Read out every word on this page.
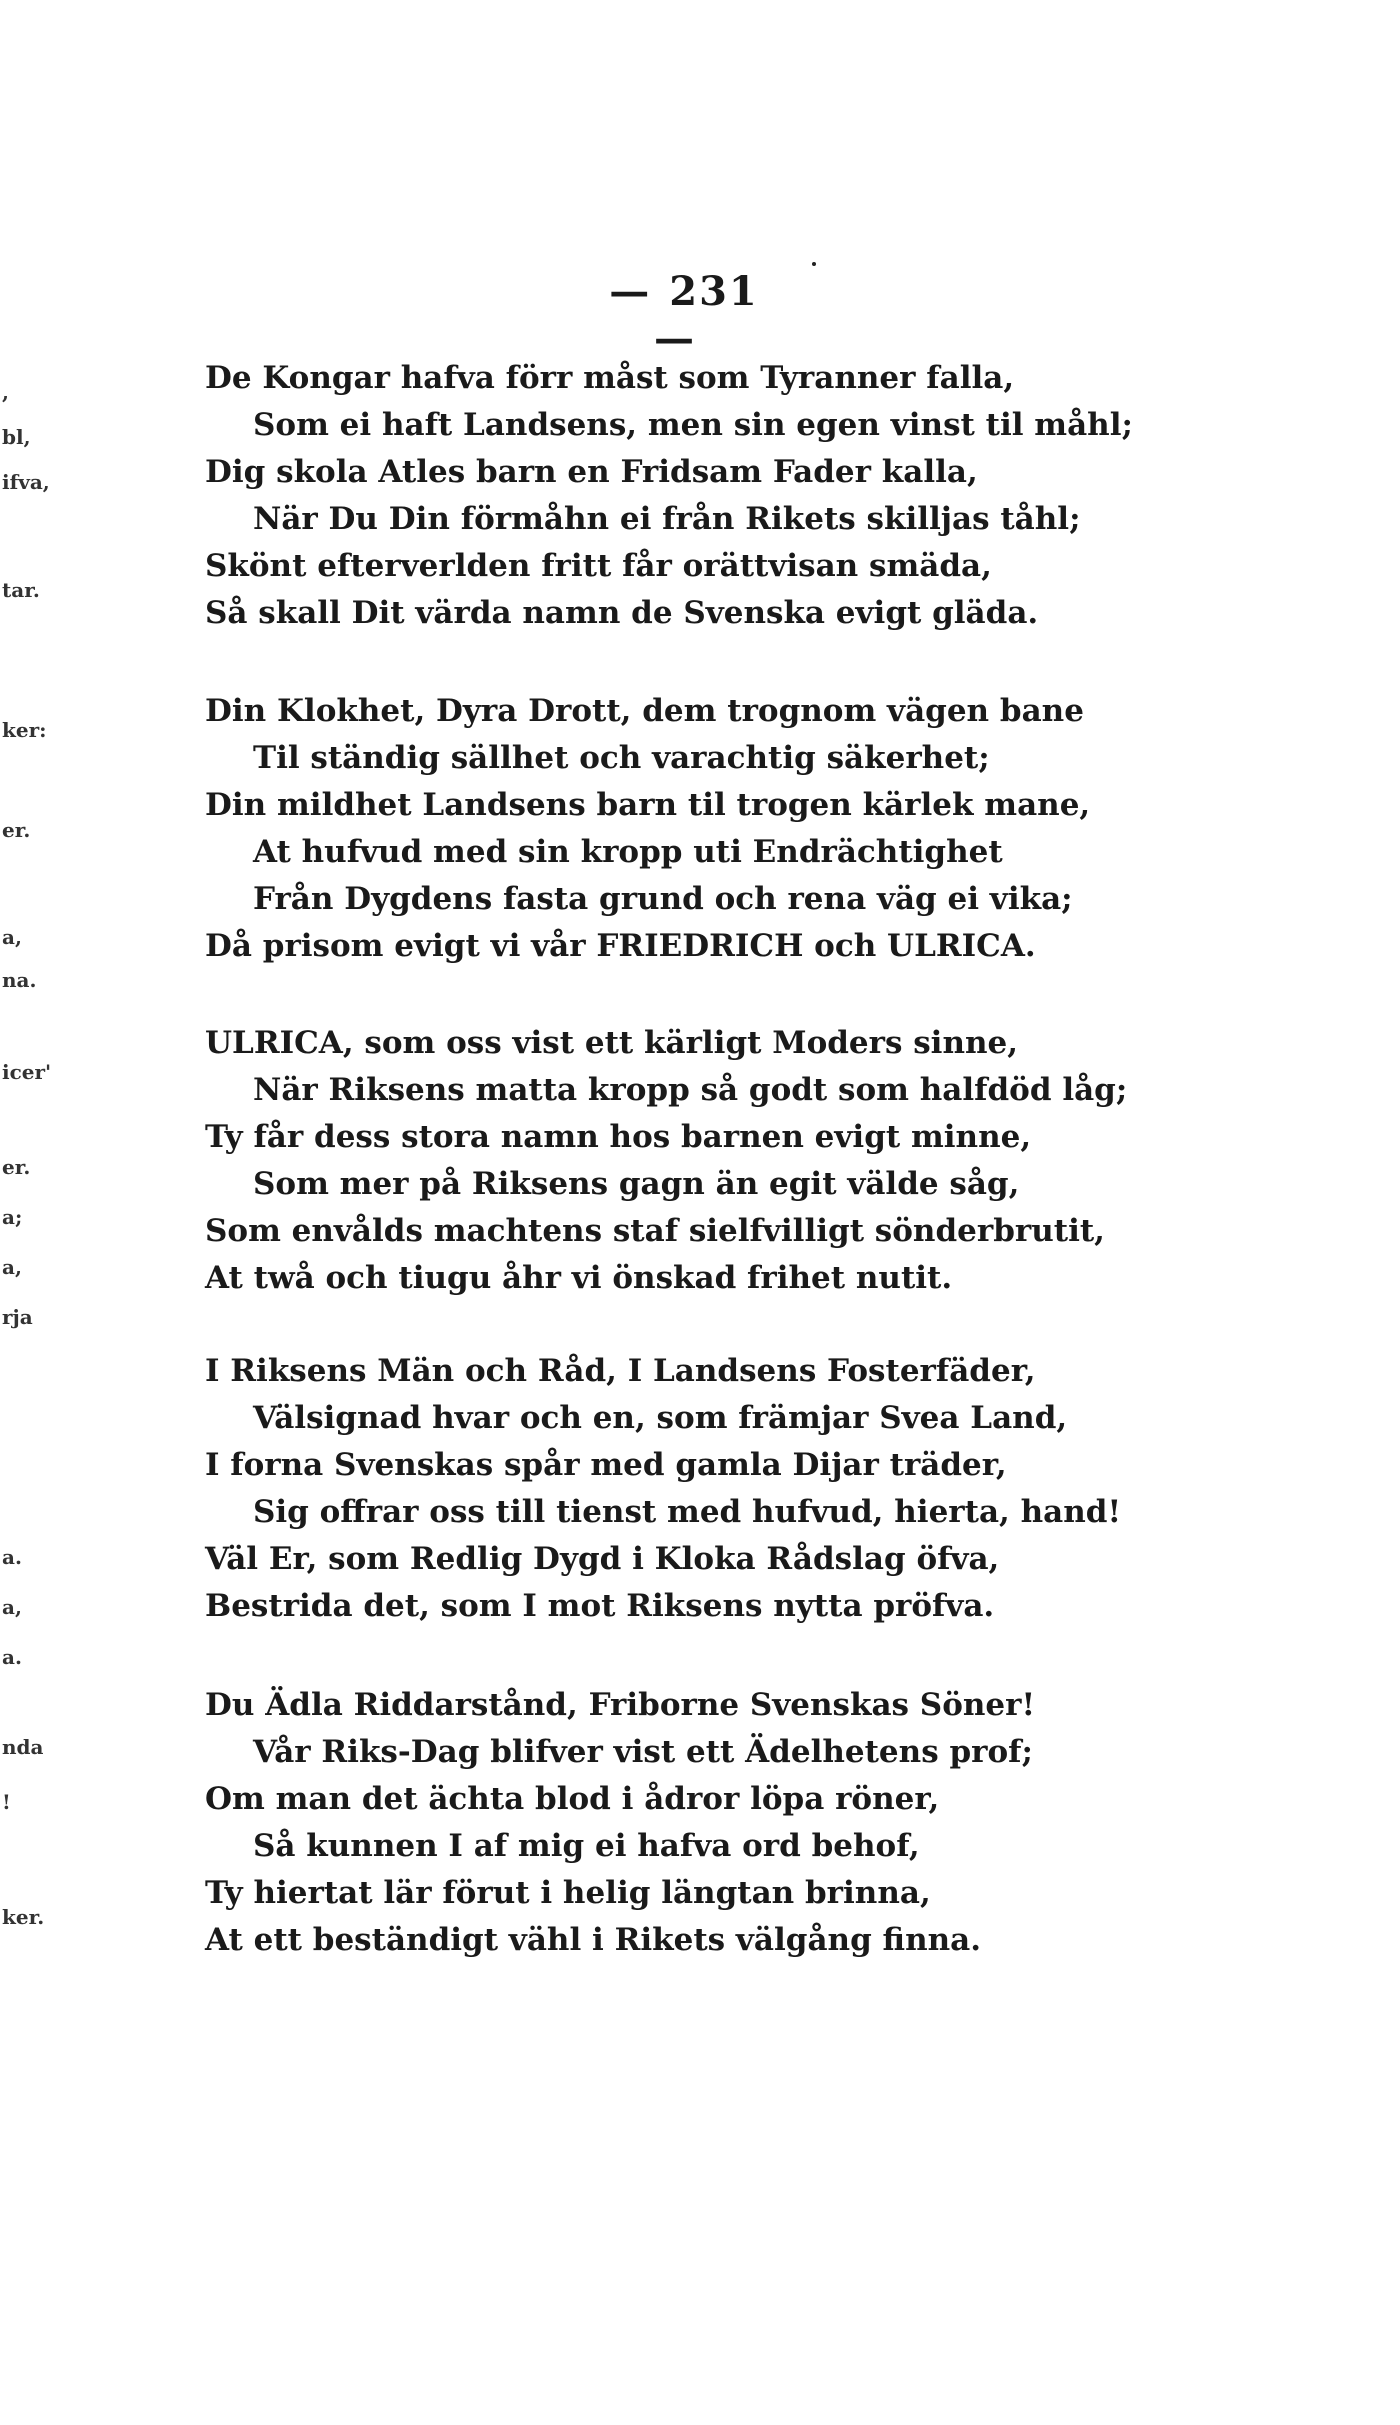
,
bl,
ifva,
tar.
ker:
er.
a,
na.
icer'
er.
a;
a,
rja
a.
a,
a.
nda
!
ker.
— 231—
De Kongar hafva förr måst som Tyranner falla,
Som ei haft Landsens, men sin egen vinst til måhl;
Dig skola Atles barn en Fridsam Fader kalla,
När Du Din förmåhn ei från Rikets skilljas tåhl;
Skönt efterverlden fritt får orättvisan smäda,
Så skall Dit värda namn de Svenska evigt gläda.
Din Klokhet, Dyra Drott, dem trognom vägen bane
Til ständig sällhet och varachtig säkerhet;
Din mildhet Landsens barn til trogen kärlek mane,
At hufvud med sin kropp uti Endrächtighet
Från Dygdens fasta grund och rena väg ei vika;
Då prisom evigt vi vår FRIEDRICH och ULRICA.
ULRICA, som oss vist ett kärligt Moders sinne,
När Riksens matta kropp så godt som halfdöd låg;
Ty får dess stora namn hos barnen evigt minne,
Som mer på Riksens gagn än egit välde såg,
Som envålds machtens staf sielfvilligt sönderbrutit,
At twå och tiugu åhr vi önskad frihet nutit.
I Riksens Män och Råd, I Landsens Fosterfäder,
Välsignad hvar och en, som främjar Svea Land,
I forna Svenskas spår med gamla Dijar träder,
Sig offrar oss till tienst med hufvud, hierta, hand!
Väl Er, som Redlig Dygd i Kloka Rådslag öfva,
Bestrida det, som I mot Riksens nytta pröfva.
Du Ädla Riddarstånd, Friborne Svenskas Söner!
Vår Riks-Dag blifver vist ett Ädelhetens prof;
Om man det ächta blod i ådror löpa röner,
Så kunnen I af mig ei hafva ord behof,
Ty hiertat lär förut i helig längtan brinna,
At ett beständigt vähl i Rikets välgång finna.
